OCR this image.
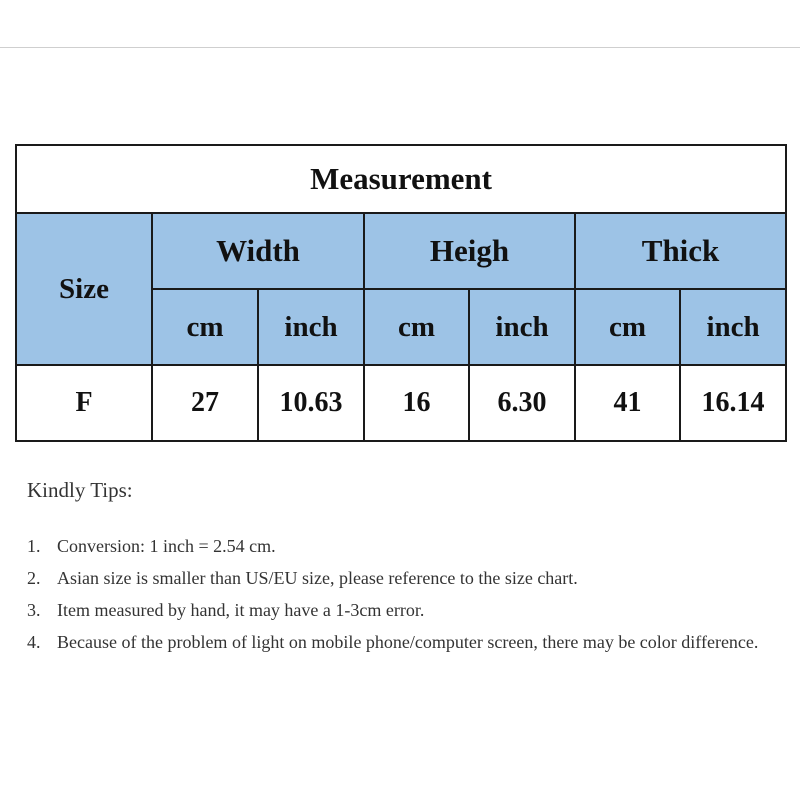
Measurement						
Size	Width		Heigh		Thick	
	cm	inch	cm	inch	cm	inch
F	27	10.63	16	6.30	41	16.14
Kindly Tips:
1. Conversion: 1 inch = 2.54 cm.
2. Asian size is smaller than US/EU size, please reference to the size chart.
3. Item measured by hand, it may have a 1-3cm error.
4. Because of the problem of light on mobile phone/computer screen, there may be color difference.
